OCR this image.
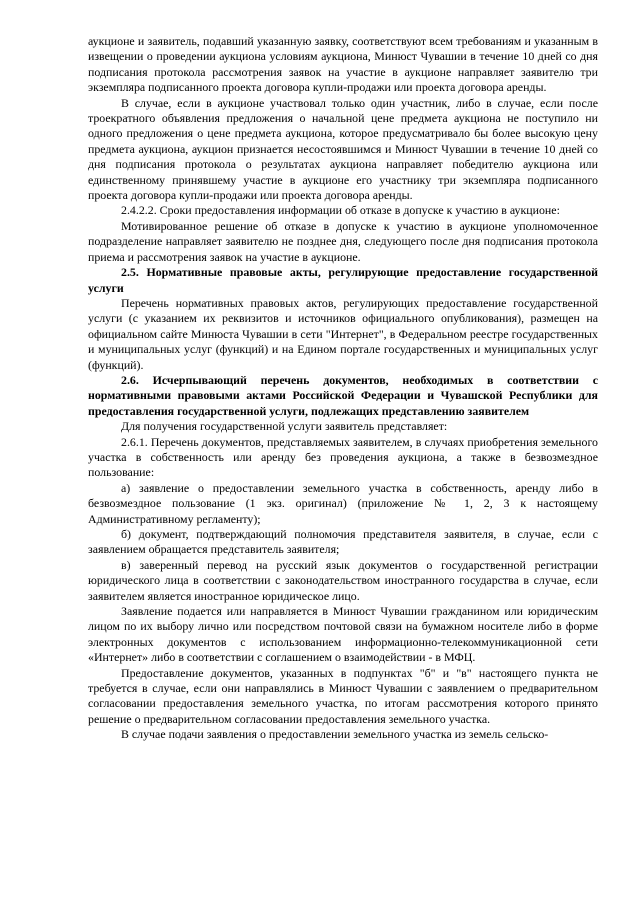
аукционе и заявитель, подавший указанную заявку, соответствуют всем требованиям и указанным в извещении о проведении аукциона условиям аукциона, Минюст Чувашии в течение 10 дней со дня подписания протокола рассмотрения заявок на участие в аукционе направляет заявителю три экземпляра подписанного проекта договора купли-продажи или проекта договора аренды.

В случае, если в аукционе участвовал только один участник, либо в случае, если после троекратного объявления предложения о начальной цене предмета аукциона не поступило ни одного предложения о цене предмета аукциона, которое предусматривало бы более высокую цену предмета аукциона, аукцион признается несостоявшимся и Минюст Чувашии в течение 10 дней со дня подписания протокола о результатах аукциона направляет победителю аукциона или единственному принявшему участие в аукционе его участнику три экземпляра подписанного проекта договора купли-продажи или проекта договора аренды.

2.4.2.2. Сроки предоставления информации об отказе в допуске к участию в аукционе:

Мотивированное решение об отказе в допуске к участию в аукционе уполномоченное подразделение направляет заявителю не позднее дня, следующего после дня подписания протокола приема и рассмотрения заявок на участие в аукционе.

2.5. Нормативные правовые акты, регулирующие предоставление государственной услуги

Перечень нормативных правовых актов, регулирующих предоставление государственной услуги (с указанием их реквизитов и источников официального опубликования), размещен на официальном сайте Минюста Чувашии в сети "Интернет", в Федеральном реестре государственных и муниципальных услуг (функций) и на Едином портале государственных и муниципальных услуг (функций).

2.6. Исчерпывающий перечень документов, необходимых в соответствии с нормативными правовыми актами Российской Федерации и Чувашской Республики для предоставления государственной услуги, подлежащих представлению заявителем

Для получения государственной услуги заявитель представляет:

2.6.1. Перечень документов, представляемых заявителем, в случаях приобретения земельного участка в собственность или аренду без проведения аукциона, а также в безвозмездное пользование:

а) заявление о предоставлении земельного участка в собственность, аренду либо в безвозмездное пользование (1 экз. оригинал) (приложение № 1, 2, 3 к настоящему Административному регламенту);

б) документ, подтверждающий полномочия представителя заявителя, в случае, если с заявлением обращается представитель заявителя;

в) заверенный перевод на русский язык документов о государственной регистрации юридического лица в соответствии с законодательством иностранного государства в случае, если заявителем является иностранное юридическое лицо.

Заявление подается или направляется в Минюст Чувашии гражданином или юридическим лицом по их выбору лично или посредством почтовой связи на бумажном носителе либо в форме электронных документов с использованием информационно-телекоммуникационной сети «Интернет» либо в соответствии с соглашением о взаимодействии - в МФЦ.

Предоставление документов, указанных в подпунктах "б" и "в" настоящего пункта не требуется в случае, если они направлялись в Минюст Чувашии с заявлением о предварительном согласовании предоставления земельного участка, по итогам рассмотрения которого принято решение о предварительном согласовании предоставления земельного участка.

В случае подачи заявления о предоставлении земельного участка из земель сельско-
